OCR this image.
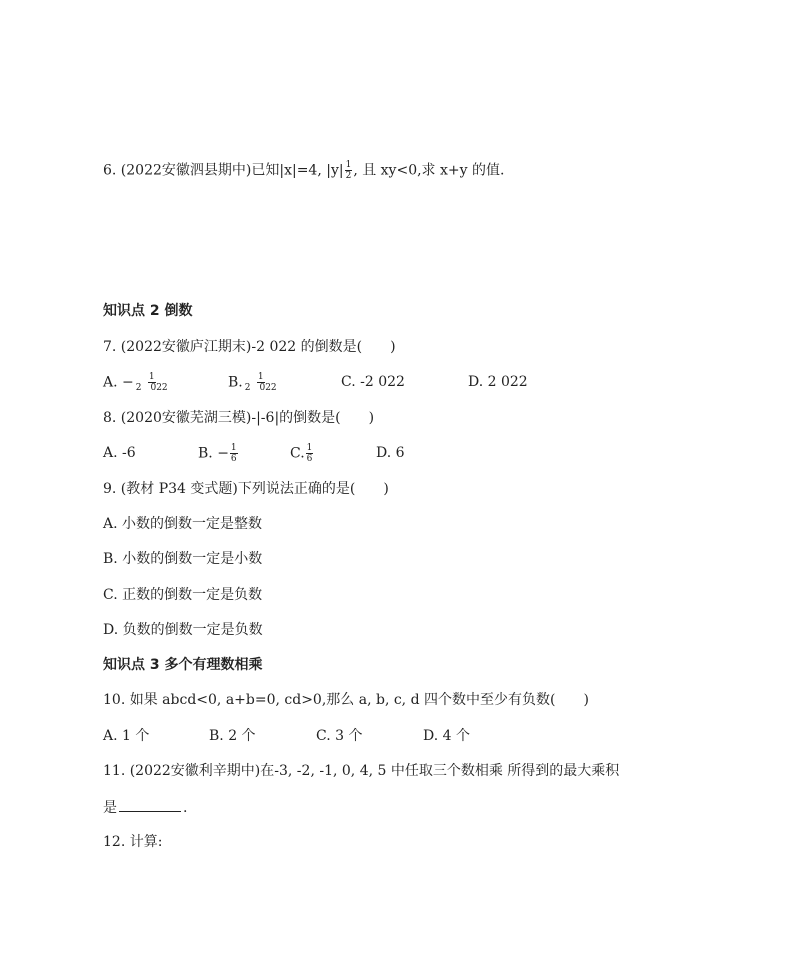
6. (2022安徽泗县期中)已知|x|=4, $|y| \frac{1}{2}$ , 且 xy<0,求 x+y 的值.
知识点 2 倒数
7. (2022安徽庐江期末)-2 022 的倒数是(　　)
A. − $\frac{1}{2 022}$	B. $\frac{1}{2 022}$	C. -2 022	D. 2 022
8. (2020安徽芜湖三模)-|-6|的倒数是(　　)
A. -6	B. − $\frac{1}{6}$	C. $\frac{1}{6}$	D. 6
9. (教材 P34 变式题)下列说法正确的是(　　)
A. 小数的倒数一定是整数
B. 小数的倒数一定是小数
C. 正数的倒数一定是负数
D. 负数的倒数一定是负数
知识点 3 多个有理数相乘
10. 如果 abcd<0, a+b=0, cd>0,那么 a, b, c, d 四个数中至少有负数(　　)
A. 1 个	B. 2 个	C. 3 个	D. 4 个
11. (2022安徽利辛期中)在-3, -2, -1, 0, 4, 5 中任取三个数相乘 所得到的最大乘积
是	.
12. 计算:
